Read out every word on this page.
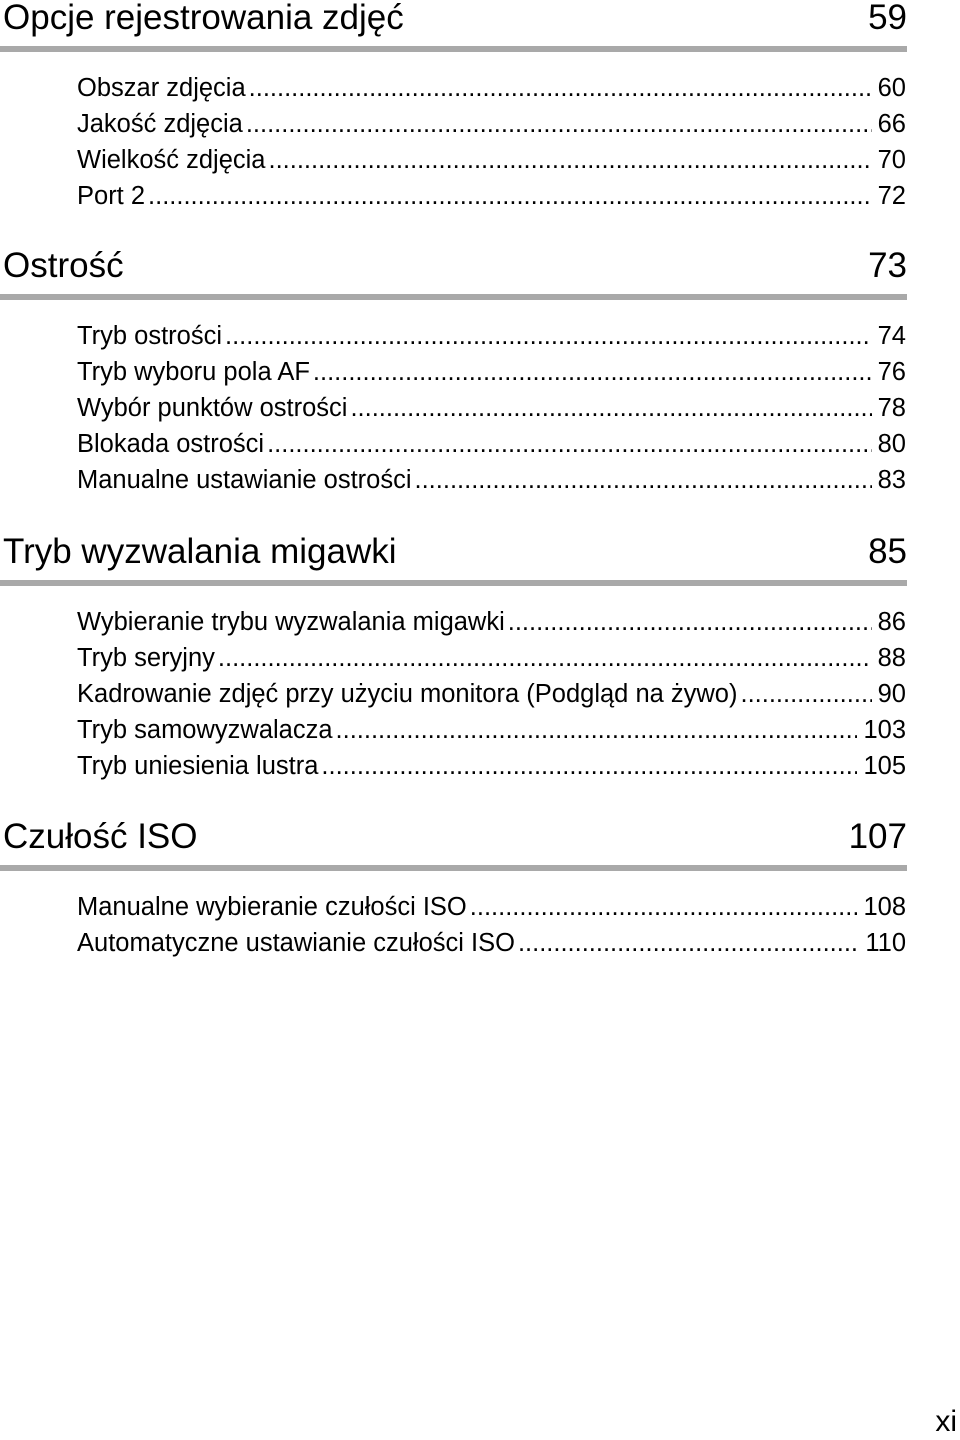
Opcje rejestrowania zdjęć	59
Obszar zdjęcia .....	60
Jakość zdjęcia .....	66
Wielkość zdjęcia .....	70
Port 2 .....	72
Ostrość	73
Tryb ostrości .....	74
Tryb wyboru pola AF .....	76
Wybór punktów ostrości .....	78
Blokada ostrości .....	80
Manualne ustawianie ostrości .....	83
Tryb wyzwalania migawki	85
Wybieranie trybu wyzwalania migawki .....	86
Tryb seryjny .....	88
Kadrowanie zdjęć przy użyciu monitora (Podgląd na żywo) .....	90
Tryb samowyzwalacza .....	103
Tryb uniesienia lustra .....	105
Czułość ISO	107
Manualne wybieranie czułości ISO .....	108
Automatyczne ustawianie czułości ISO .....	110
xi
